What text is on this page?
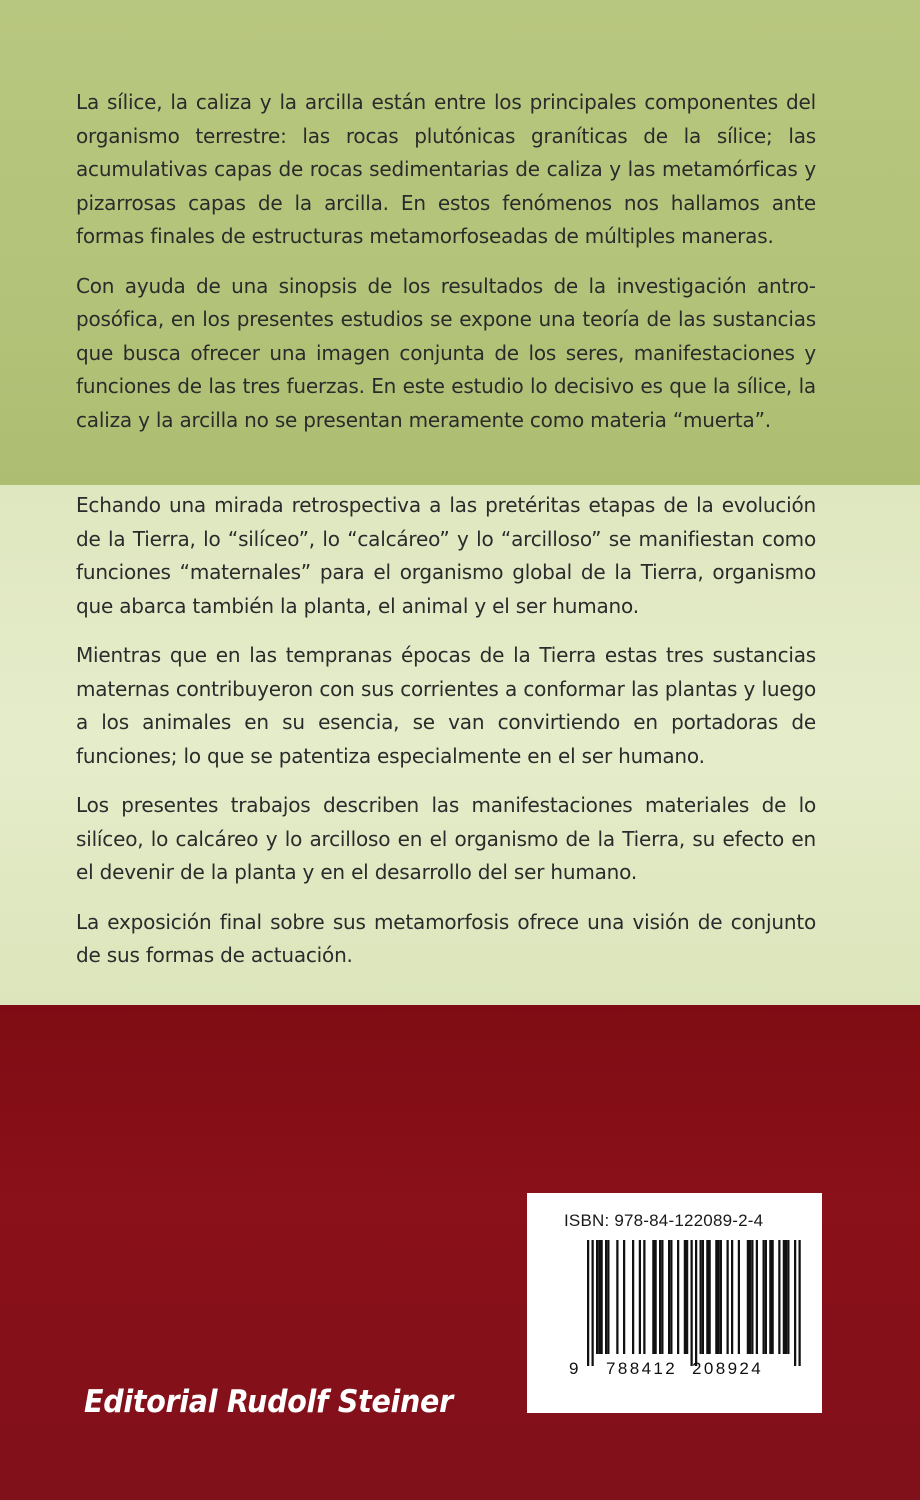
La sílice, la caliza y la arcilla están entre los principales componentes del organismo terrestre: las rocas plutónicas graníticas de la sílice; las acumulativas capas de rocas sedimentarias de caliza y las metamórficas y pizarrosas capas de la arcilla. En estos fenómenos nos hallamos ante formas finales de estructuras metamorfoseadas de múltiples maneras.

Con ayuda de una sinopsis de los resultados de la investigación antroposófica, en los presentes estudios se expone una teoría de las sustancias que busca ofrecer una imagen conjunta de los seres, manifestaciones y funciones de las tres fuerzas. En este estudio lo decisivo es que la sílice, la caliza y la arcilla no se presentan meramente como materia “muerta”.

Echando una mirada retrospectiva a las pretéritas etapas de la evolución de la Tierra, lo “silíceo”, lo “calcáreo” y lo “arcilloso” se manifiestan como funciones “maternales” para el organismo global de la Tierra, organismo que abarca también la planta, el animal y el ser humano.

Mientras que en las tempranas épocas de la Tierra estas tres sustancias maternas contribuyeron con sus corrientes a conformar las plantas y luego a los animales en su esencia, se van convirtiendo en portadoras de funciones; lo que se patentiza especialmente en el ser humano.

Los presentes trabajos describen las manifestaciones materiales de lo silíceo, lo calcáreo y lo arcilloso en el organismo de la Tierra, su efecto en el devenir de la planta y en el desarrollo del ser humano.

La exposición final sobre sus metamorfosis ofrece una visión de conjunto de sus formas de actuación.

ISBN: 978-84-122089-2-4
9 788412 208924
Editorial Rudolf Steiner
